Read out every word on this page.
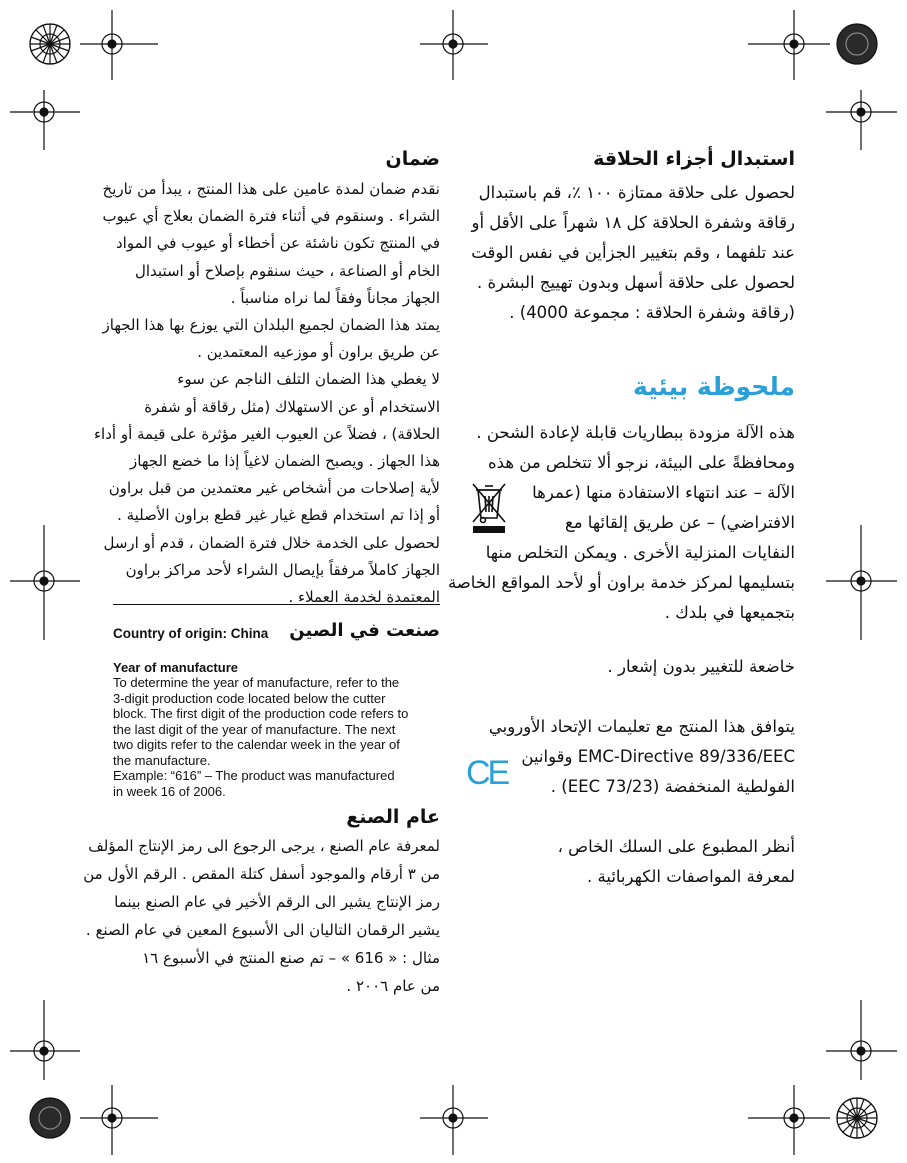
استبدال أجزاء الحلاقة
لحصول على حلاقة ممتازة ١٠٠ ٪، قم باستبدال
رقاقة وشفرة الحلاقة كل ١٨ شهراً على الأقل أو
عند تلفهما ، وقم بتغيير الجزأين في نفس الوقت
لحصول على حلاقة أسهل وبدون تهييج البشرة .
(رقاقة وشفرة الحلاقة : مجموعة 4000) .
ملحوظة بيئية
هذه الآلة مزودة ببطاريات قابلة لإعادة الشحن .
ومحافظةً على البيئة، نرجو ألا تتخلص من هذه
الآلة – عند انتهاء الاستفادة منها (عمرها
الافتراضي) – عن طريق إلقائها مع
النفايات المنزلية الأخرى . ويمكن التخلص منها
بتسليمها لمركز خدمة براون أو لأحد المواقع الخاصة
بتجميعها في بلدك .
خاضعة للتغيير بدون إشعار .
يتوافق هذا المنتج مع تعليمات الإتحاد الأوروبي
EMC-Directive 89/336/EEC وقوانين
الفولطية المنخفضة (73/23 EEC) .
CE
أنظر المطبوع على السلك الخاص ،
لمعرفة المواصفات الكهربائية .
ضمان
نقدم ضمان لمدة عامين على هذا المنتج ، يبدأ من تاريخ
الشراء . وسنقوم في أثناء فترة الضمان بعلاج أي عيوب
في المنتج تكون ناشئة عن أخطاء أو عيوب في المواد
الخام أو الصناعة ، حيث سنقوم بإصلاح أو استبدال
الجهاز مجاناً وفقاً لما نراه مناسباً .
يمتد هذا الضمان لجميع البلدان التي يوزع بها هذا الجهاز
عن طريق براون أو موزعيه المعتمدين .
لا يغطي هذا الضمان التلف الناجم عن سوء
الاستخدام أو عن الاستهلاك (مثل رقاقة أو شفرة
الحلاقة) ، فضلاً عن العيوب الغير مؤثرة على قيمة أو أداء
هذا الجهاز . ويصبح الضمان لاغياً إذا ما خضع الجهاز
لأية إصلاحات من أشخاص غير معتمدين من قبل براون
أو إذا تم استخدام قطع غيار غير قطع براون الأصلية .
لحصول على الخدمة خلال فترة الضمان ، قدم أو ارسل
الجهاز كاملاً مرفقاً بإيصال الشراء لأحد مراكز براون
المعتمدة لخدمة العملاء .
Country of origin: China صنعت في الصين
Year of manufacture
To determine the year of manufacture, refer to the
3-digit production code located below the cutter
block. The first digit of the production code refers to
the last digit of the year of manufacture. The next
two digits refer to the calendar week in the year of
the manufacture.
Example: “616” – The product was manufactured
in week 16 of 2006.
عام الصنع
لمعرفة عام الصنع ، يرجى الرجوع الى رمز الإنتاج المؤلف
من ٣ أرقام والموجود أسفل كتلة المقص . الرقم الأول من
رمز الإنتاج يشير الى الرقم الأخير في عام الصنع بينما
يشير الرقمان التاليان الى الأسبوع المعين في عام الصنع .
مثال : « 616 » – تم صنع المنتج في الأسبوع ١٦
من عام ٢٠٠٦ .
